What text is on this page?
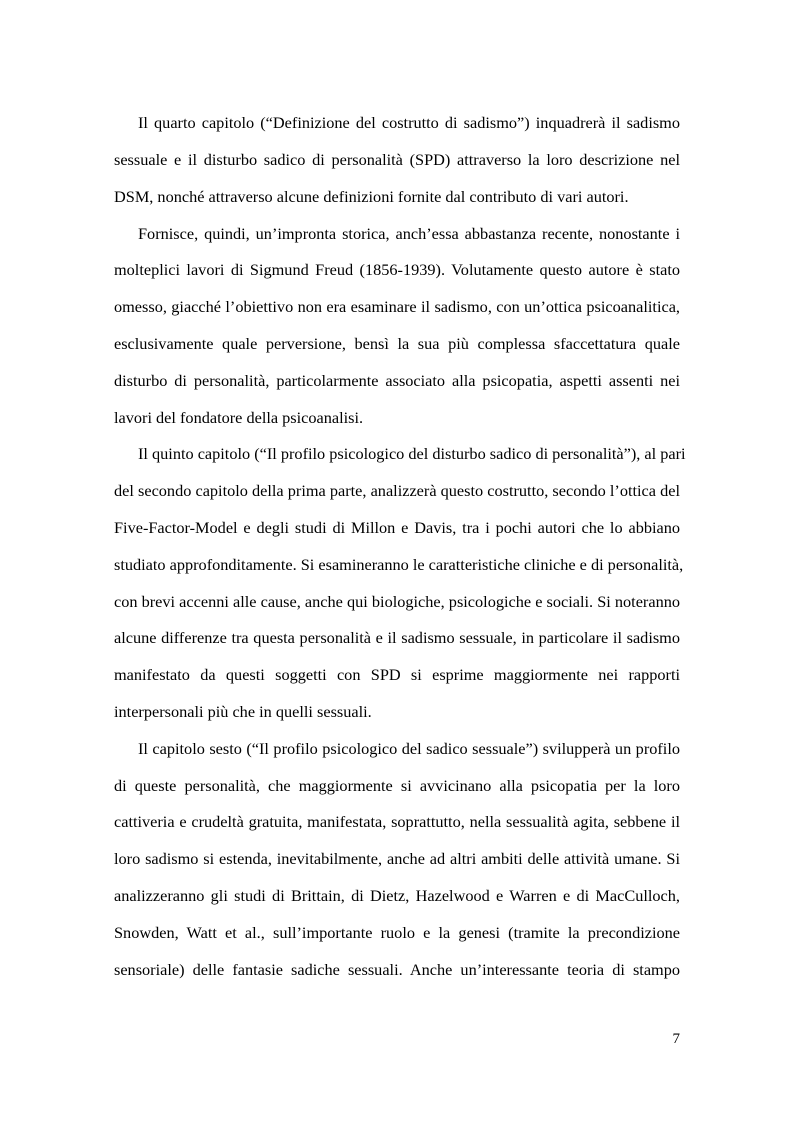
Il quarto capitolo (“Definizione del costrutto di sadismo”) inquadrerà il sadismo
sessuale e il disturbo sadico di personalità (SPD) attraverso la loro descrizione nel
DSM, nonché attraverso alcune definizioni fornite dal contributo di vari autori.
Fornisce, quindi, un’impronta storica, anch’essa abbastanza recente, nonostante i
molteplici lavori di Sigmund Freud (1856-1939). Volutamente questo autore è stato
omesso, giacché l’obiettivo non era esaminare il sadismo, con un’ottica psicoanalitica,
esclusivamente quale perversione, bensì la sua più complessa sfaccettatura quale
disturbo di personalità, particolarmente associato alla psicopatia, aspetti assenti nei
lavori del fondatore della psicoanalisi.
Il quinto capitolo (“Il profilo psicologico del disturbo sadico di personalità”), al pari
del secondo capitolo della prima parte, analizzerà questo costrutto, secondo l’ottica del
Five-Factor-Model e degli studi di Millon e Davis, tra i pochi autori che lo abbiano
studiato approfonditamente. Si esamineranno le caratteristiche cliniche e di personalità,
con brevi accenni alle cause, anche qui biologiche, psicologiche e sociali. Si noteranno
alcune differenze tra questa personalità e il sadismo sessuale, in particolare il sadismo
manifestato da questi soggetti con SPD si esprime maggiormente nei rapporti
interpersonali più che in quelli sessuali.
Il capitolo sesto (“Il profilo psicologico del sadico sessuale”) svilupperà un profilo
di queste personalità, che maggiormente si avvicinano alla psicopatia per la loro
cattiveria e crudeltà gratuita, manifestata, soprattutto, nella sessualità agita, sebbene il
loro sadismo si estenda, inevitabilmente, anche ad altri ambiti delle attività umane. Si
analizzeranno gli studi di Brittain, di Dietz, Hazelwood e Warren e di MacCulloch,
Snowden, Watt et al., sull’importante ruolo e la genesi (tramite la precondizione
sensoriale) delle fantasie sadiche sessuali. Anche un’interessante teoria di stampo
7
